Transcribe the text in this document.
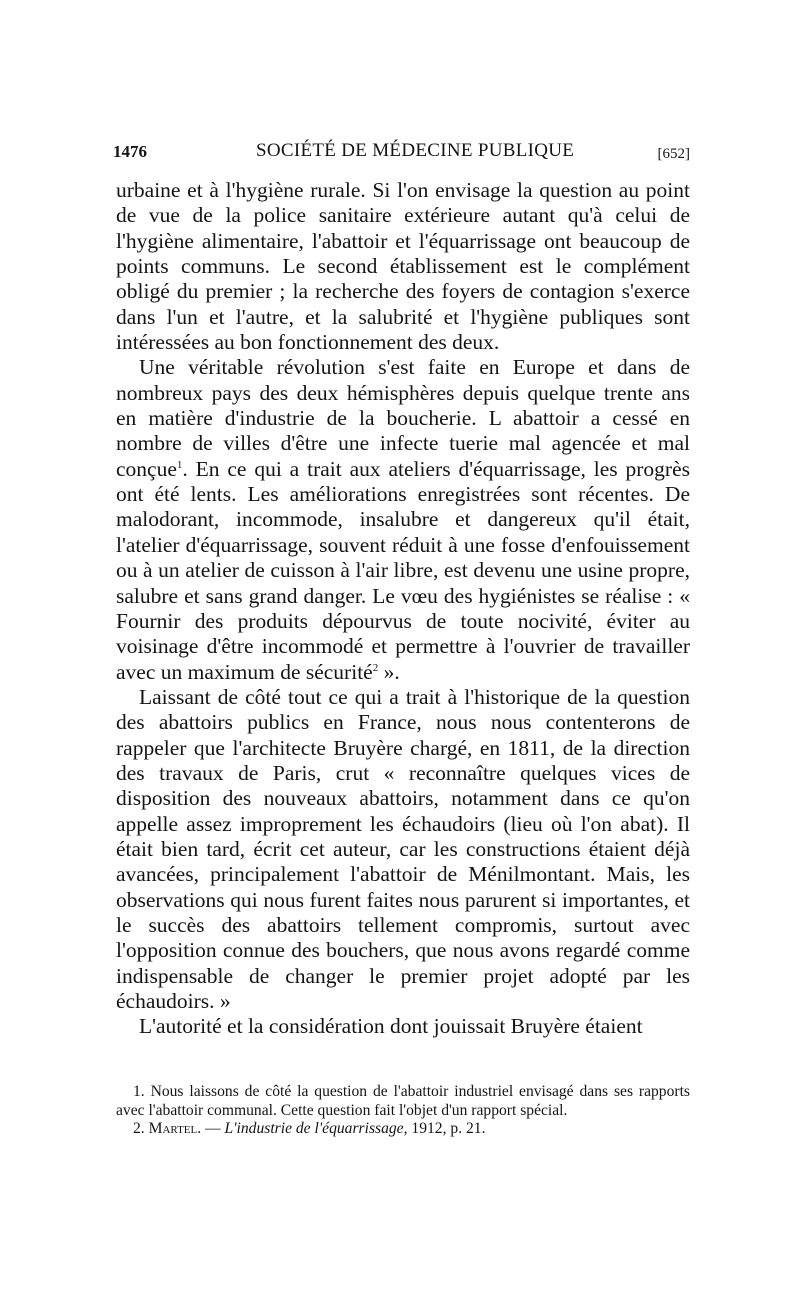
1476	SOCIÉTÉ DE MÉDECINE PUBLIQUE	[652]

urbaine et à l'hygiène rurale. Si l'on envisage la question au point de vue de la police sanitaire extérieure autant qu'à celui de l'hygiène alimentaire, l'abattoir et l'équarrissage ont beaucoup de points communs. Le second établissement est le complément obligé du premier ; la recherche des foyers de contagion s'exerce dans l'un et l'autre, et la salubrité et l'hygiène publiques sont intéressées au bon fonctionnement des deux.

Une véritable révolution s'est faite en Europe et dans de nombreux pays des deux hémisphères depuis quelque trente ans en matière d'industrie de la boucherie. L abattoir a cessé en nombre de villes d'être une infecte tuerie mal agencée et mal conçue$^1$. En ce qui a trait aux ateliers d'équarrissage, les progrès ont été lents. Les améliorations enregistrées sont récentes. De malodorant, incommode, insalubre et dangereux qu'il était, l'atelier d'équarrissage, souvent réduit à une fosse d'enfouissement ou à un atelier de cuisson à l'air libre, est devenu une usine propre, salubre et sans grand danger. Le vœu des hygiénistes se réalise : « Fournir des produits dépourvus de toute nocivité, éviter au voisinage d'être incommodé et permettre à l'ouvrier de travailler avec un maximum de sécurité$^2$ ».

Laissant de côté tout ce qui a trait à l'historique de la question des abattoirs publics en France, nous nous contenterons de rappeler que l'architecte Bruyère chargé, en 1811, de la direction des travaux de Paris, crut « reconnaître quelques vices de disposition des nouveaux abattoirs, notamment dans ce qu'on appelle assez improprement les échaudoirs (lieu où l'on abat). Il était bien tard, écrit cet auteur, car les constructions étaient déjà avancées, principalement l'abattoir de Ménilmontant. Mais, les observations qui nous furent faites nous parurent si importantes, et le succès des abattoirs tellement compromis, surtout avec l'opposition connue des bouchers, que nous avons regardé comme indispensable de changer le premier projet adopté par les échaudoirs. »

L'autorité et la considération dont jouissait Bruyère étaient

1. Nous laissons de côté la question de l'abattoir industriel envisagé dans ses rapports avec l'abattoir communal. Cette question fait l'objet d'un rapport spécial.

2. Martel. — L'industrie de l'équarrissage, 1912, p. 21.
